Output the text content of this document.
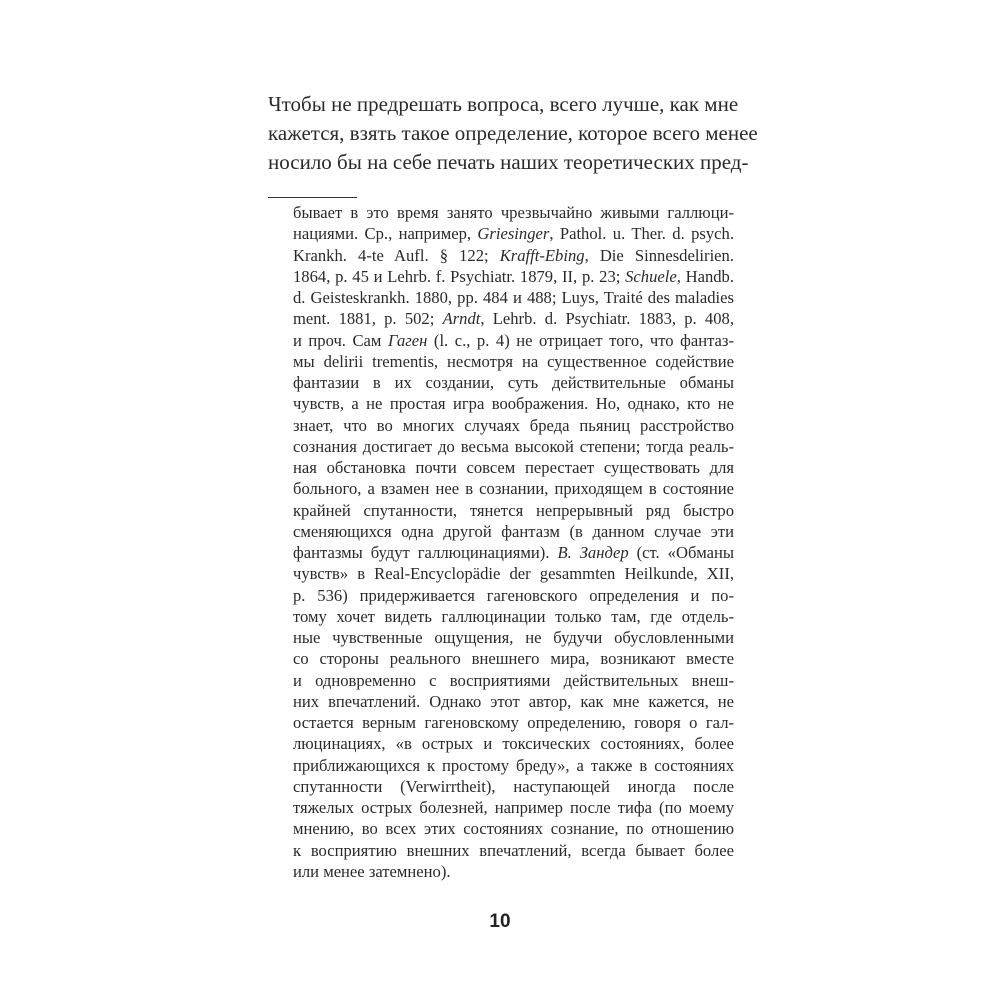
Чтобы не предрешать вопроса, всего лучше, как мне
кажется, взять такое определение, которое всего менее
носило бы на себе печать наших теоретических пред-
бывает в это время занято чрезвычайно живыми галлюци-
нациями. Ср., например, Griesinger, Pathol. u. Ther. d. psych.
Krankh. 4-te Aufl. § 122; Krafft-Ebing, Die Sinnesdelirien.
1864, p. 45 и Lehrb. f. Psychiatr. 1879, II, p. 23; Schuele, Handb.
d. Geisteskrankh. 1880, pp. 484 и 488; Luys, Traité des maladies
ment. 1881, p. 502; Arndt, Lehrb. d. Psychiatr. 1883, p. 408,
и проч. Сам Гаген (l. c., p. 4) не отрицает того, что фантаз-
мы delirii trementis, несмотря на существенное содействие
фантазии в их создании, суть действительные обманы
чувств, а не простая игра воображения. Но, однако, кто не
знает, что во многих случаях бреда пьяниц расстройство
сознания достигает до весьма высокой степени; тогда реаль-
ная обстановка почти совсем перестает существовать для
больного, а взамен нее в сознании, приходящем в состояние
крайней спутанности, тянется непрерывный ряд быстро
сменяющихся одна другой фантазм (в данном случае эти
фантазмы будут галлюцинациями). В. Зандер (ст. «Обманы
чувств» в Real-Encyclopädie der gesammten Heilkunde, XII,
p. 536) придерживается гагеновского определения и по-
тому хочет видеть галлюцинации только там, где отдель-
ные чувственные ощущения, не будучи обусловленными
со стороны реального внешнего мира, возникают вместе
и одновременно с восприятиями действительных внеш-
них впечатлений. Однако этот автор, как мне кажется, не
остается верным гагеновскому определению, говоря о гал-
люцинациях, «в острых и токсических состояниях, более
приближающихся к простому бреду», а также в состояниях
спутанности (Verwirrtheit), наступающей иногда после
тяжелых острых болезней, например после тифа (по моему
мнению, во всех этих состояниях сознание, по отношению
к восприятию внешних впечатлений, всегда бывает более
или менее затемнено).
10
